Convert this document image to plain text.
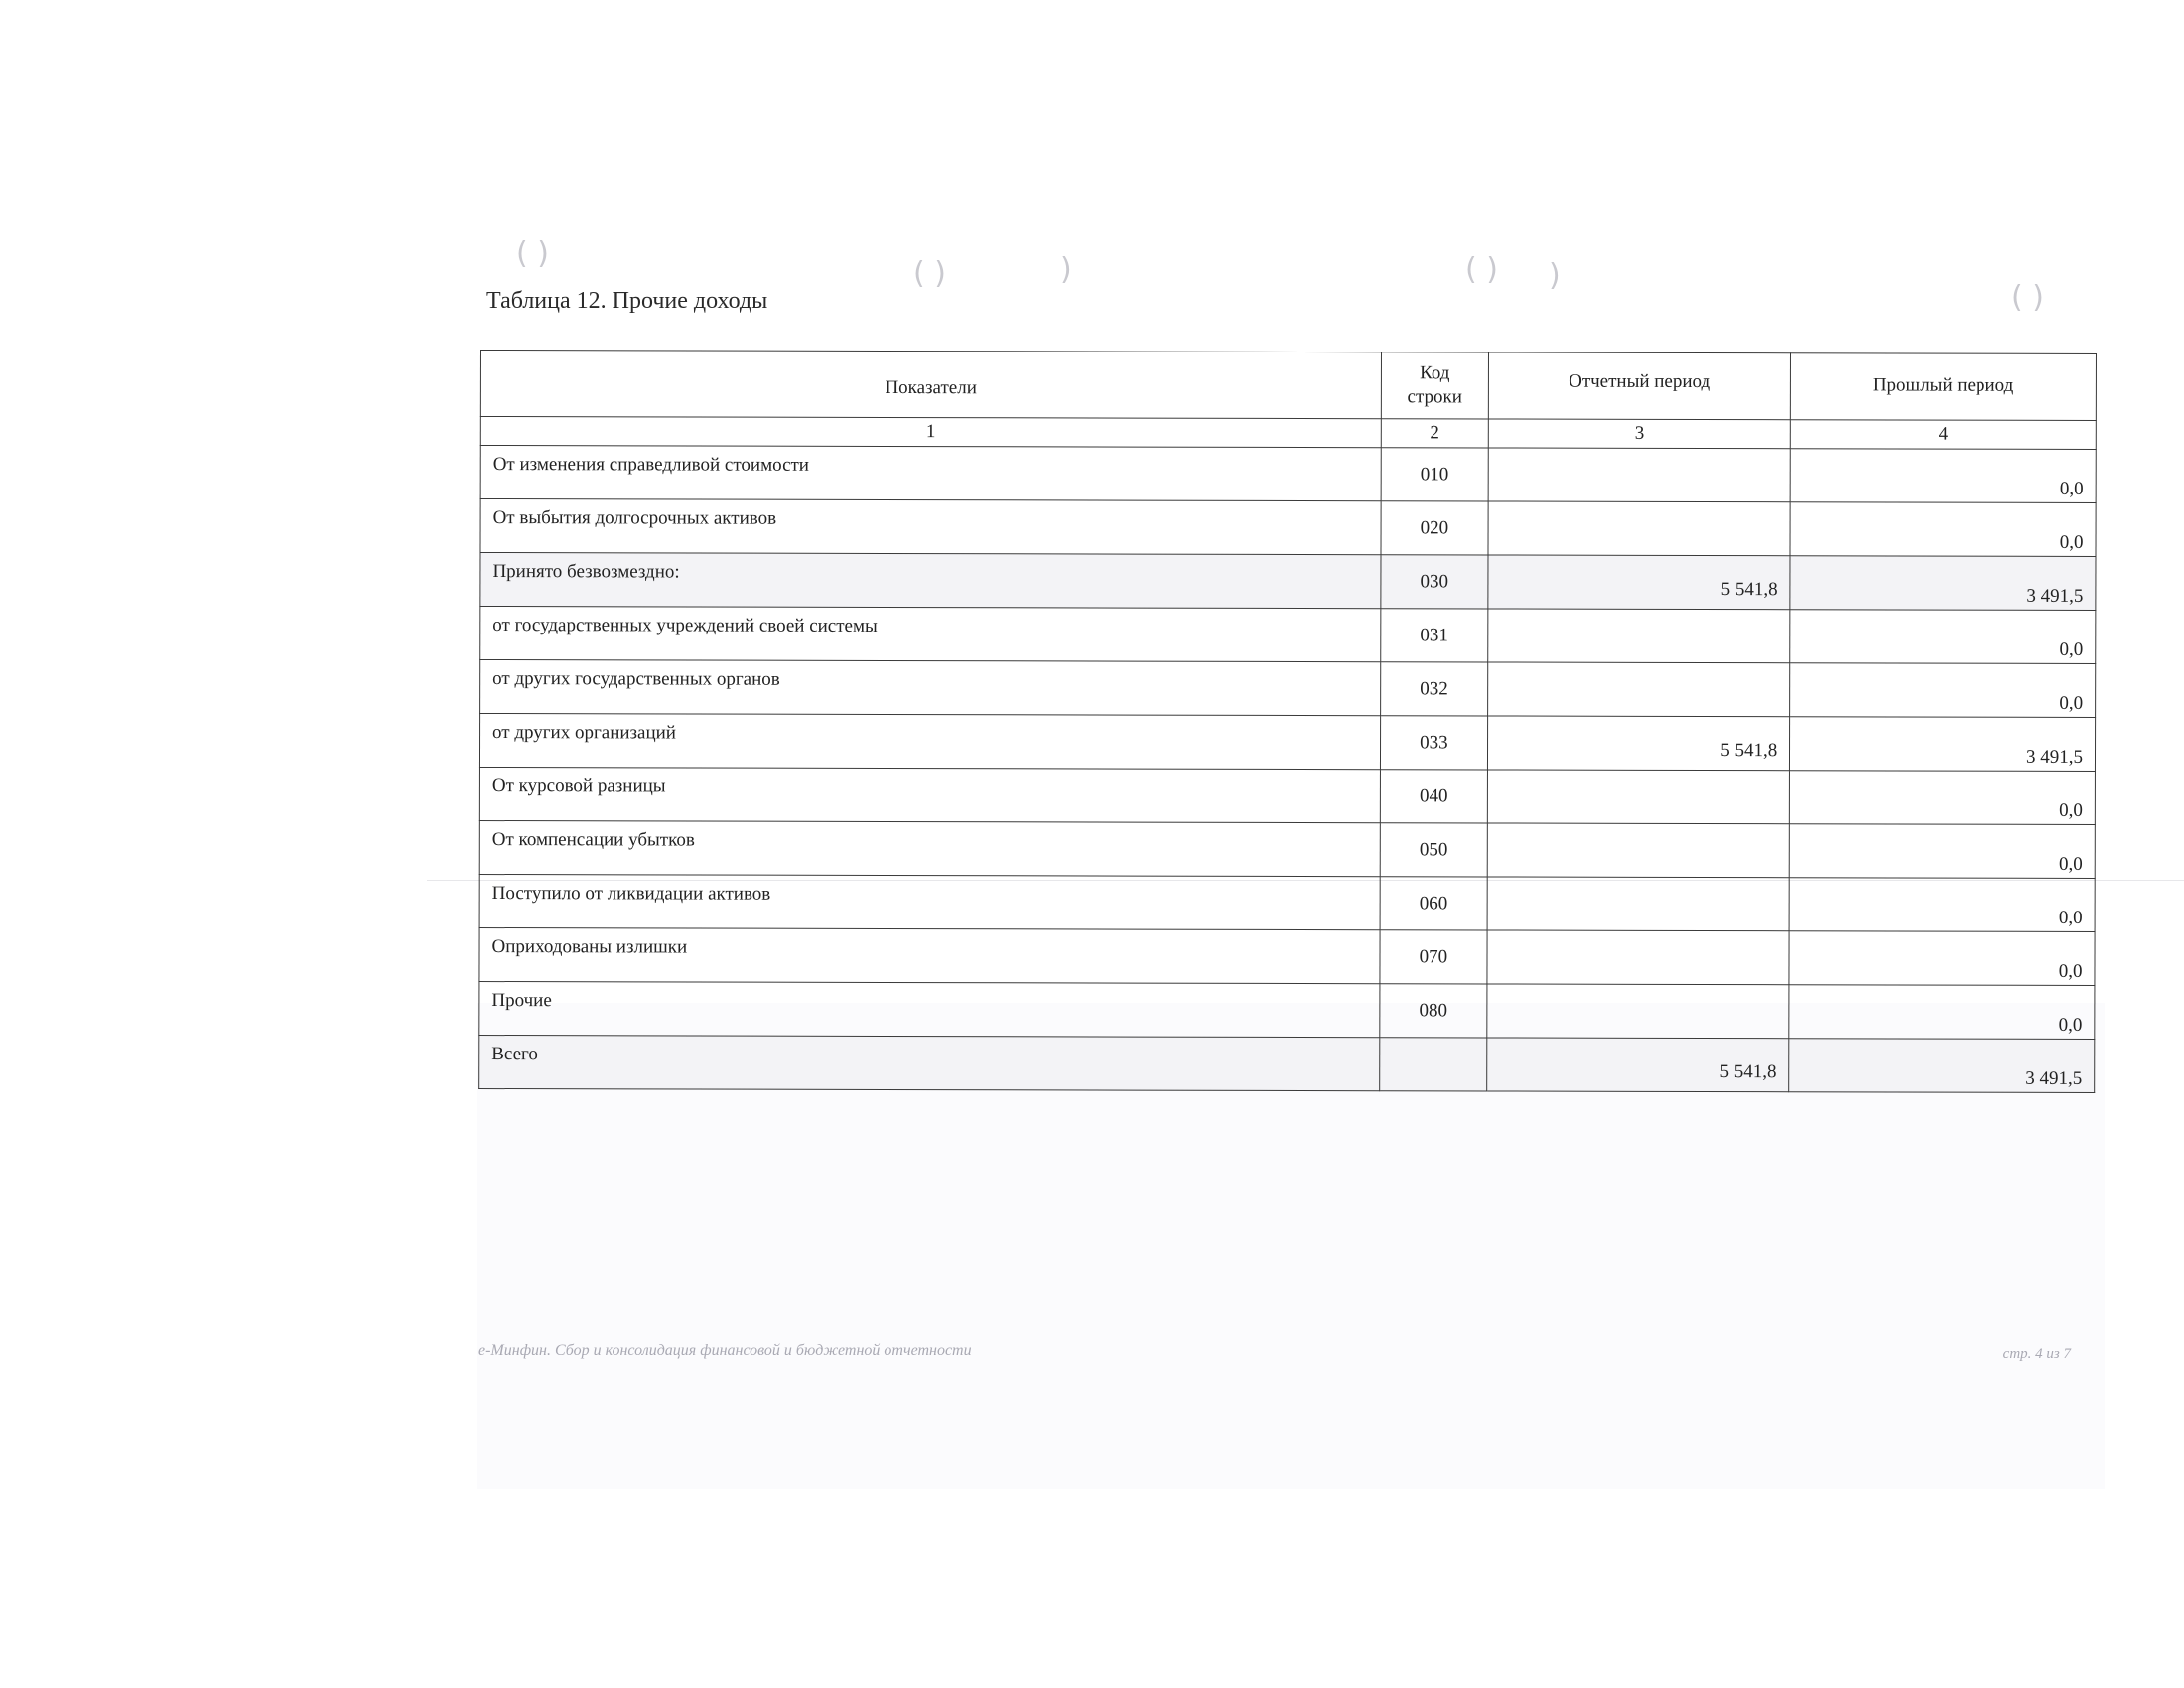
( )
( )	)	( ) )
( )
Таблица 12. Прочие доходы
Показатели	Код строки	Отчетный период	Прошлый период
1	2	3	4
От изменения справедливой стоимости	010		0,0
От выбытия долгосрочных активов	020		0,0
Принято безвозмездно:	030	5 541,8	3 491,5
от государственных учреждений своей системы	031		0,0
от других государственных органов	032		0,0
от других организаций	033	5 541,8	3 491,5
От курсовой разницы	040		0,0
От компенсации убытков	050		0,0
Поступило от ликвидации активов	060		0,0
Оприходованы излишки	070		0,0
Прочие	080		0,0
Всего		5 541,8	3 491,5
e-Минфин. Сбор и консолидация финансовой и бюджетной отчетности	стр. 4 из 7
